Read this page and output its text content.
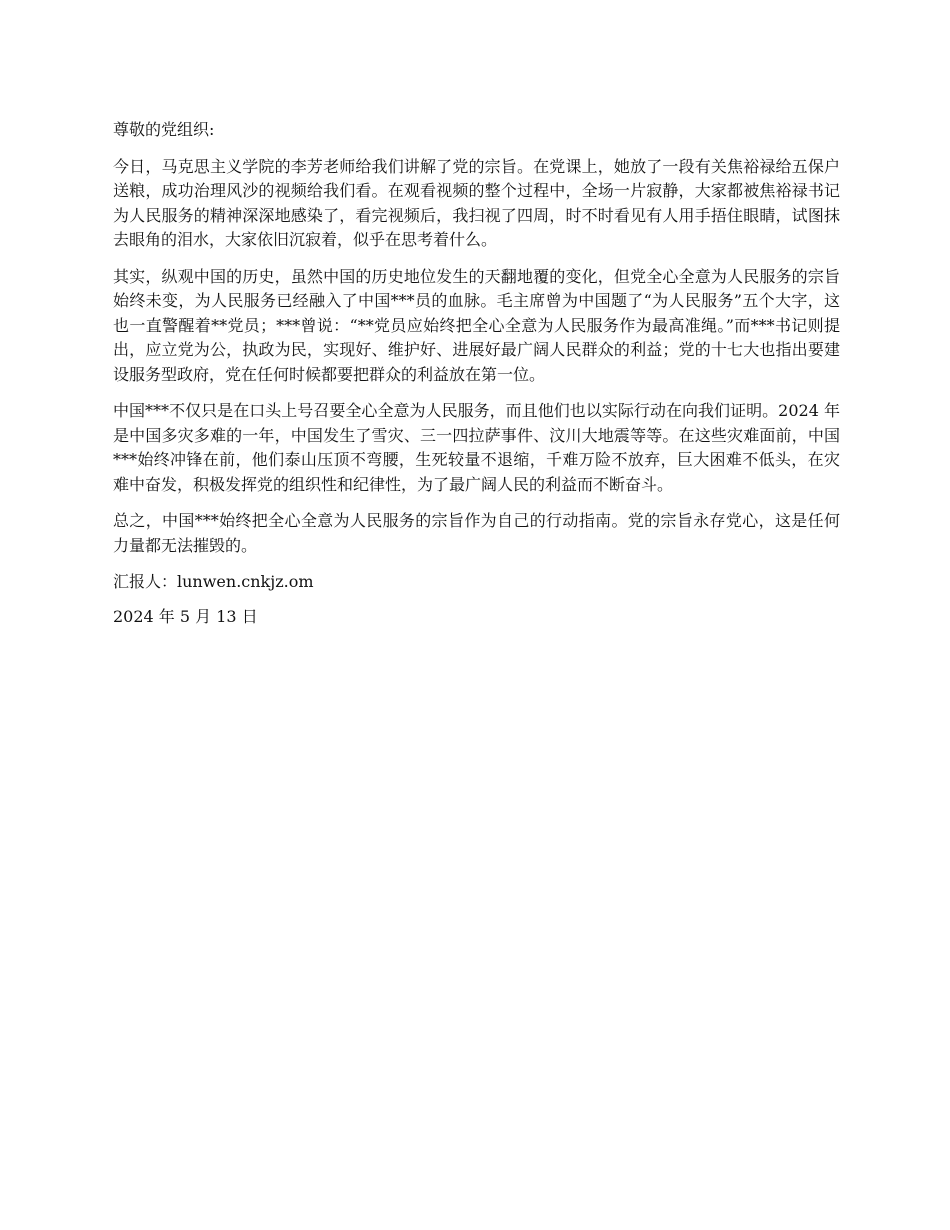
尊敬的党组织:

今日，马克思主义学院的李芳老师给我们讲解了党的宗旨。在党课上，她放了一段有关焦裕禄给五保户送粮，成功治理风沙的视频给我们看。在观看视频的整个过程中，全场一片寂静，大家都被焦裕禄书记为人民服务的精神深深地感染了，看完视频后，我扫视了四周，时不时看见有人用手捂住眼睛，试图抹去眼角的泪水，大家依旧沉寂着，似乎在思考着什么。

其实，纵观中国的历史，虽然中国的历史地位发生的天翻地覆的变化，但党全心全意为人民服务的宗旨始终未变，为人民服务已经融入了中国***员的血脉。毛主席曾为中国题了“为人民服务”五个大字，这也一直警醒着**党员；***曾说：“**党员应始终把全心全意为人民服务作为最高准绳。”而***书记则提出，应立党为公，执政为民，实现好、维护好、进展好最广阔人民群众的利益；党的十七大也指出要建设服务型政府，党在任何时候都要把群众的利益放在第一位。

中国***不仅只是在口头上号召要全心全意为人民服务，而且他们也以实际行动在向我们证明。2024 年是中国多灾多难的一年，中国发生了雪灾、三一四拉萨事件、汶川大地震等等。在这些灾难面前，中国***始终冲锋在前，他们泰山压顶不弯腰，生死较量不退缩，千难万险不放弃，巨大困难不低头，在灾难中奋发，积极发挥党的组织性和纪律性，为了最广阔人民的利益而不断奋斗。

总之，中国***始终把全心全意为人民服务的宗旨作为自己的行动指南。党的宗旨永存党心，这是任何力量都无法摧毁的。

汇报人：lunwen.cnkjz.om

2024 年 5 月 13 日
